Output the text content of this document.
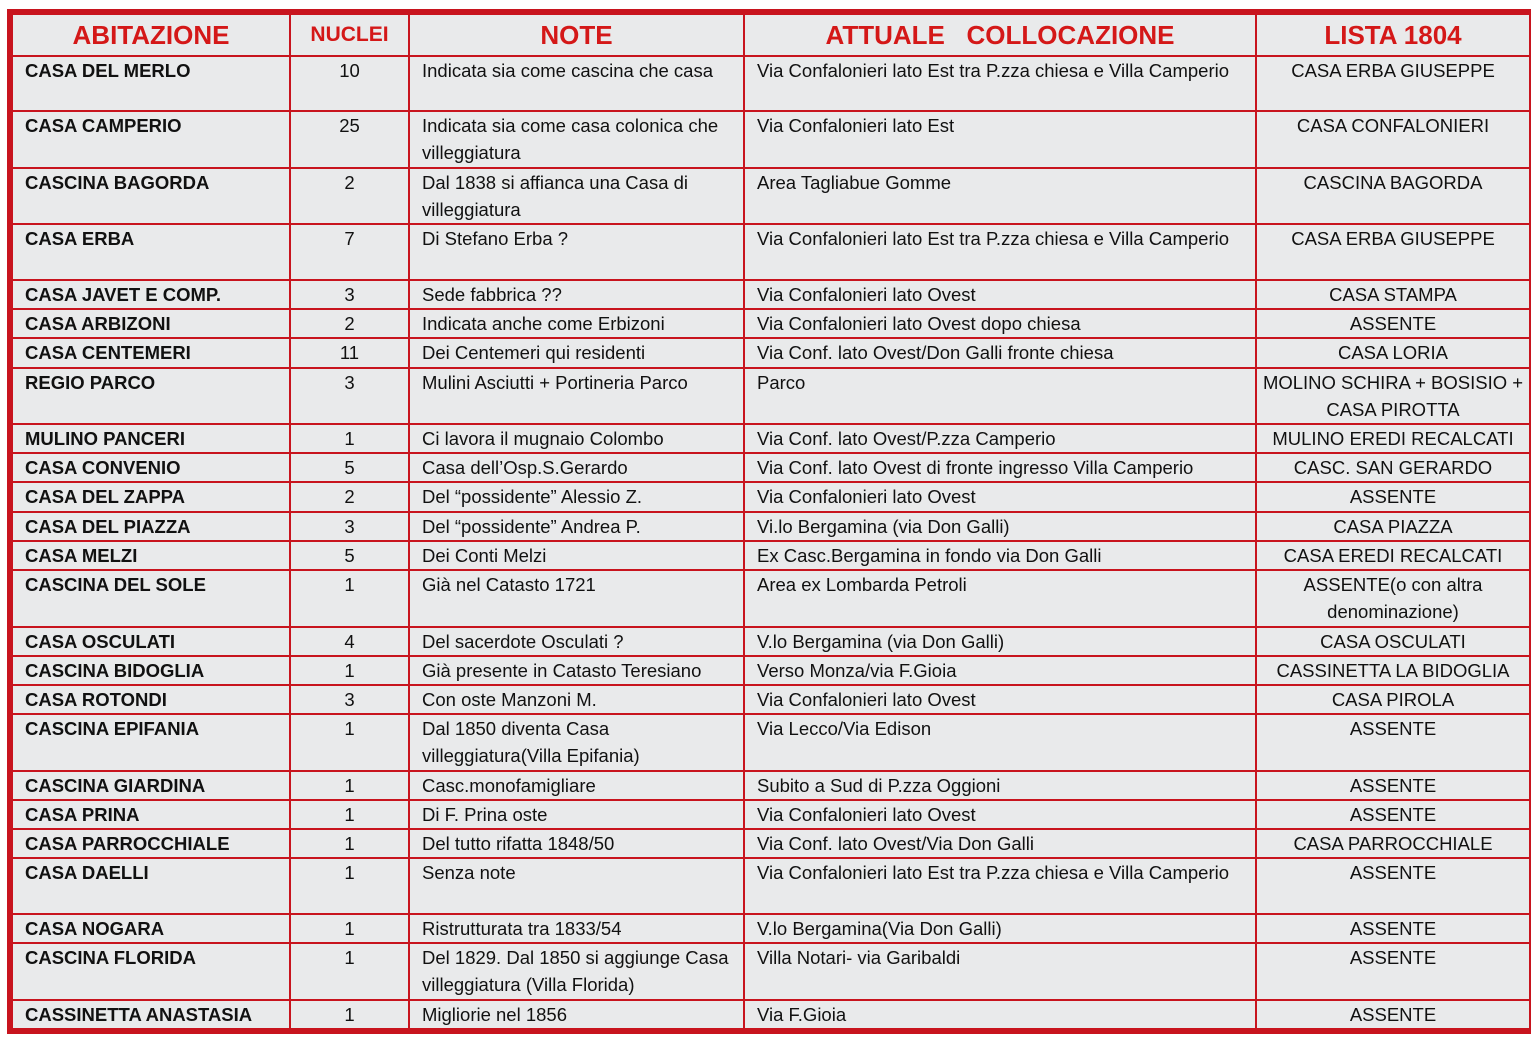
ABITAZIONE	NUCLEI	NOTE	ATTUALE   COLLOCAZIONE	LISTA 1804
CASA DEL MERLO	10	Indicata sia come cascina che casa	Via Confalonieri lato Est tra P.zza chiesa e Villa Camperio	CASA ERBA GIUSEPPE
CASA CAMPERIO	25	Indicata sia come casa colonica che villeggiatura	Via Confalonieri lato Est	CASA CONFALONIERI
CASCINA BAGORDA	2	Dal 1838 si affianca una Casa di villeggiatura	Area Tagliabue Gomme	CASCINA BAGORDA
CASA ERBA	7	Di Stefano Erba ?	Via Confalonieri lato Est tra P.zza chiesa e Villa Camperio	CASA ERBA GIUSEPPE
CASA JAVET E COMP.	3	Sede fabbrica ??	Via Confalonieri lato Ovest	CASA STAMPA
CASA ARBIZONI	2	Indicata anche come Erbizoni	Via Confalonieri lato Ovest dopo chiesa	ASSENTE
CASA CENTEMERI	11	Dei Centemeri qui residenti	Via Conf. lato Ovest/Don Galli fronte chiesa	CASA LORIA
REGIO PARCO	3	Mulini Asciutti + Portineria Parco	Parco	MOLINO SCHIRA + BOSISIO + CASA PIROTTA
MULINO PANCERI	1	Ci lavora il mugnaio Colombo	Via Conf. lato Ovest/P.zza Camperio	MULINO EREDI RECALCATI
CASA CONVENIO	5	Casa dell’Osp.S.Gerardo	Via Conf. lato Ovest di fronte ingresso Villa Camperio	CASC. SAN GERARDO
CASA DEL ZAPPA	2	Del “possidente” Alessio Z.	Via Confalonieri lato Ovest	ASSENTE
CASA DEL PIAZZA	3	Del “possidente” Andrea P.	Vi.lo Bergamina (via Don Galli)	CASA PIAZZA
CASA MELZI	5	Dei Conti Melzi	Ex Casc.Bergamina in fondo via Don Galli	CASA EREDI RECALCATI
CASCINA DEL SOLE	1	Già nel Catasto 1721	Area ex Lombarda Petroli	ASSENTE(o con altra denominazione)
CASA OSCULATI	4	Del sacerdote Osculati ?	V.lo Bergamina (via Don Galli)	CASA OSCULATI
CASCINA BIDOGLIA	1	Già presente in Catasto Teresiano	Verso Monza/via F.Gioia	CASSINETTA LA BIDOGLIA
CASA ROTONDI	3	Con oste Manzoni M.	Via Confalonieri lato Ovest	CASA PIROLA
CASCINA EPIFANIA	1	Dal 1850 diventa Casa villeggiatura(Villa Epifania)	Via Lecco/Via Edison	ASSENTE
CASCINA GIARDINA	1	Casc.monofamigliare	Subito a Sud di P.zza Oggioni	ASSENTE
CASA PRINA	1	Di F. Prina oste	Via Confalonieri lato Ovest	ASSENTE
CASA PARROCCHIALE	1	Del tutto rifatta 1848/50	Via Conf. lato Ovest/Via Don Galli	CASA PARROCCHIALE
CASA DAELLI	1	Senza note	Via Confalonieri lato Est tra P.zza chiesa e Villa Camperio	ASSENTE
CASA NOGARA	1	Ristrutturata tra 1833/54	V.lo Bergamina(Via Don Galli)	ASSENTE
CASCINA FLORIDA	1	Del 1829. Dal 1850 si aggiunge Casa villeggiatura (Villa Florida)	Villa Notari- via Garibaldi	ASSENTE
CASSINETTA ANASTASIA	1	Migliorie nel 1856	Via F.Gioia	ASSENTE
